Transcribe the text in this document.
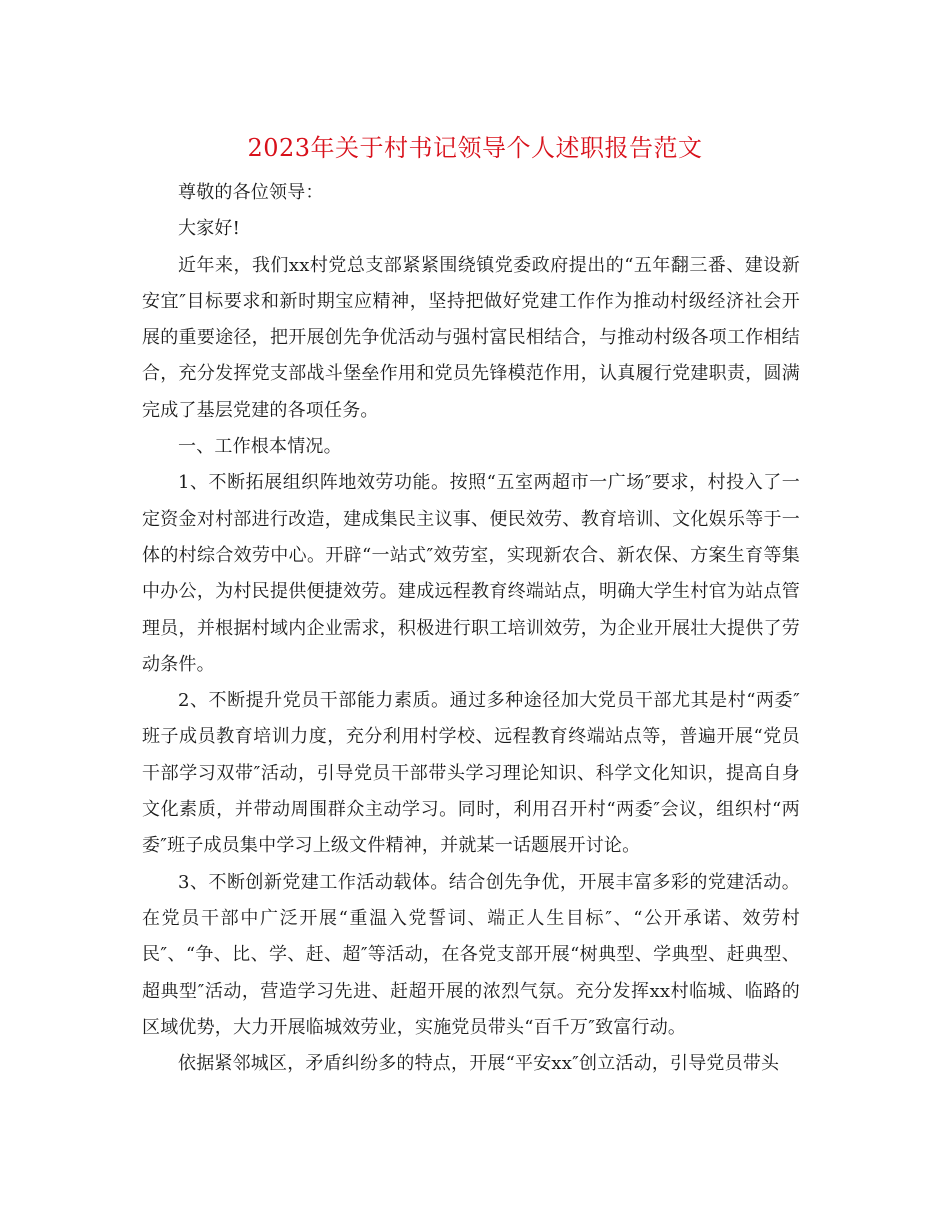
2023年关于村书记领导个人述职报告范文

尊敬的各位领导：

大家好!

近年来，我们xx村党总支部紧紧围绕镇党委政府提出的“五年翻三番、建设新安宜″目标要求和新时期宝应精神，坚持把做好党建工作作为推动村级经济社会开展的重要途径，把开展创先争优活动与强村富民相结合，与推动村级各项工作相结合，充分发挥党支部战斗堡垒作用和党员先锋模范作用，认真履行党建职责，圆满完成了基层党建的各项任务。

一、工作根本情况。

1、不断拓展组织阵地效劳功能。按照“五室两超市一广场″要求，村投入了一定资金对村部进行改造，建成集民主议事、便民效劳、教育培训、文化娱乐等于一体的村综合效劳中心。开辟“一站式″效劳室，实现新农合、新农保、方案生育等集中办公，为村民提供便捷效劳。建成远程教育终端站点，明确大学生村官为站点管理员，并根据村域内企业需求，积极进行职工培训效劳，为企业开展壮大提供了劳动条件。

2、不断提升党员干部能力素质。通过多种途径加大党员干部尤其是村“两委″班子成员教育培训力度，充分利用村学校、远程教育终端站点等，普遍开展“党员干部学习双带″活动，引导党员干部带头学习理论知识、科学文化知识，提高自身文化素质，并带动周围群众主动学习。同时，利用召开村“两委″会议，组织村“两委″班子成员集中学习上级文件精神，并就某一话题展开讨论。

3、不断创新党建工作活动载体。结合创先争优，开展丰富多彩的党建活动。在党员干部中广泛开展“重温入党誓词、端正人生目标″、“公开承诺、效劳村民″、“争、比、学、赶、超″等活动，在各党支部开展“树典型、学典型、赶典型、超典型″活动，营造学习先进、赶超开展的浓烈气氛。充分发挥xx村临城、临路的区域优势，大力开展临城效劳业，实施党员带头“百千万″致富行动。

依据紧邻城区，矛盾纠纷多的特点，开展“平安xx″创立活动，引导党员带头
